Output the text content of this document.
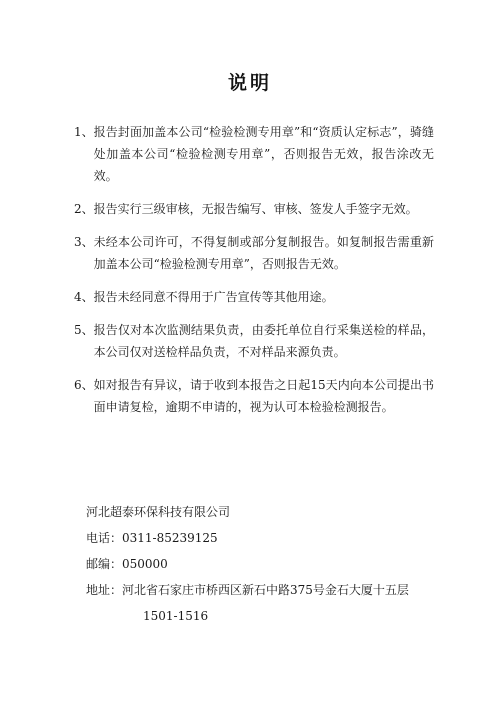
说明
1、 报告封面加盖本公司“检验检测专用章”和“资质认定标志”，骑缝处加盖本公司“检验检测专用章”，否则报告无效，报告涂改无效。
2、 报告实行三级审核，无报告编写、审核、签发人手签字无效。
3、 未经本公司许可，不得复制或部分复制报告。如复制报告需重新加盖本公司“检验检测专用章”，否则报告无效。
4、 报告未经同意不得用于广告宣传等其他用途。
5、 报告仅对本次监测结果负责，由委托单位自行采集送检的样品，本公司仅对送检样品负责，不对样品来源负责。
6、 如对报告有异议，请于收到本报告之日起15天内向本公司提出书面申请复检，逾期不申请的，视为认可本检验检测报告。
河北超泰环保科技有限公司
电话：0311-85239125
邮编：050000
地址：河北省石家庄市桥西区新石中路375号金石大厦十五层
1501-1516
